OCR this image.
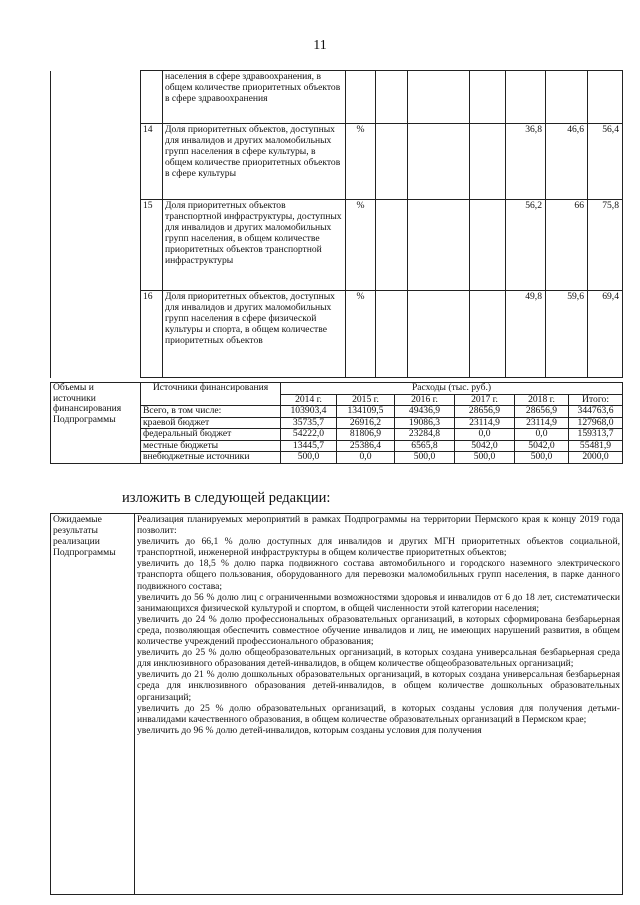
11
		населения в сфере здравоохранения, в общем количестве приоритетных объектов в сфере здравоохранения							
	14	Доля приоритетных объектов, доступных для инвалидов и других маломобильных групп населения в сфере культуры, в общем количестве приоритетных объектов в сфере культуры	%				36,8	46,6	56,4
	15	Доля приоритетных объектов транспортной инфраструктуры, доступных для инвалидов и других маломобильных групп населения, в общем количестве приоритетных объектов транспортной инфраструктуры	%				56,2	66	75,8
	16	Доля приоритетных объектов, доступных для инвалидов и других маломобильных групп населения в сфере физической культуры и спорта, в общем количестве приоритетных объектов	%				49,8	59,6	69,4
Объемы и источники финансирования Подпрограммы	Источники финансирования	Расходы (тыс. руб.)					
		2014 г.	2015 г.	2016 г.	2017 г.	2018 г.	Итого:
	Всего, в том числе:	103903,4	134109,5	49436,9	28656,9	28656,9	344763,6
	краевой бюджет	35735,7	26916,2	19086,3	23114,9	23114,9	127968,0
	федеральный бюджет	54222,0	81806,9	23284,8	0,0	0,0	159313,7
	местные бюджеты	13445,7	25386,4	6565,8	5042,0	5042,0	55481,9
	внебюджетные источники	500,0	0,0	500,0	500,0	500,0	2000,0
изложить в следующей редакции:
Ожидаемые результаты реализации Подпрограммы	

Реализация планируемых мероприятий в рамках Подпрограммы на территории Пермского края к концу 2019 года позволит:

увеличить до 66,1 % долю доступных для инвалидов и других МГН приоритетных объектов социальной, транспортной, инженерной инфраструктуры в общем количестве приоритетных объектов;

увеличить до 18,5 % долю парка подвижного состава автомобильного и городского наземного электрического транспорта общего пользования, оборудованного для перевозки маломобильных групп населения, в парке данного подвижного состава;

увеличить до 56 % долю лиц с ограниченными возможностями здоровья и инвалидов от 6 до 18 лет, систематически занимающихся физической культурой и спортом, в общей численности этой категории населения;

увеличить до 24 % долю профессиональных образовательных организаций, в которых сформирована безбарьерная среда, позволяющая обеспечить совместное обучение инвалидов и лиц, не имеющих нарушений развития, в общем количестве учреждений профессионального образования;

увеличить до 25 % долю общеобразовательных организаций, в которых создана универсальная безбарьерная среда для инклюзивного образования детей-инвалидов, в общем количестве общеобразовательных организаций;

увеличить до 21 % долю дошкольных образовательных организаций, в которых создана универсальная безбарьерная среда для инклюзивного образования детей-инвалидов, в общем количестве дошкольных образовательных организаций;

увеличить до 25 % долю образовательных организаций, в которых созданы условия для получения детьми-инвалидами качественного образования, в общем количестве образовательных организаций в Пермском крае;

увеличить до 96 % долю детей-инвалидов, которым созданы условия для получения
